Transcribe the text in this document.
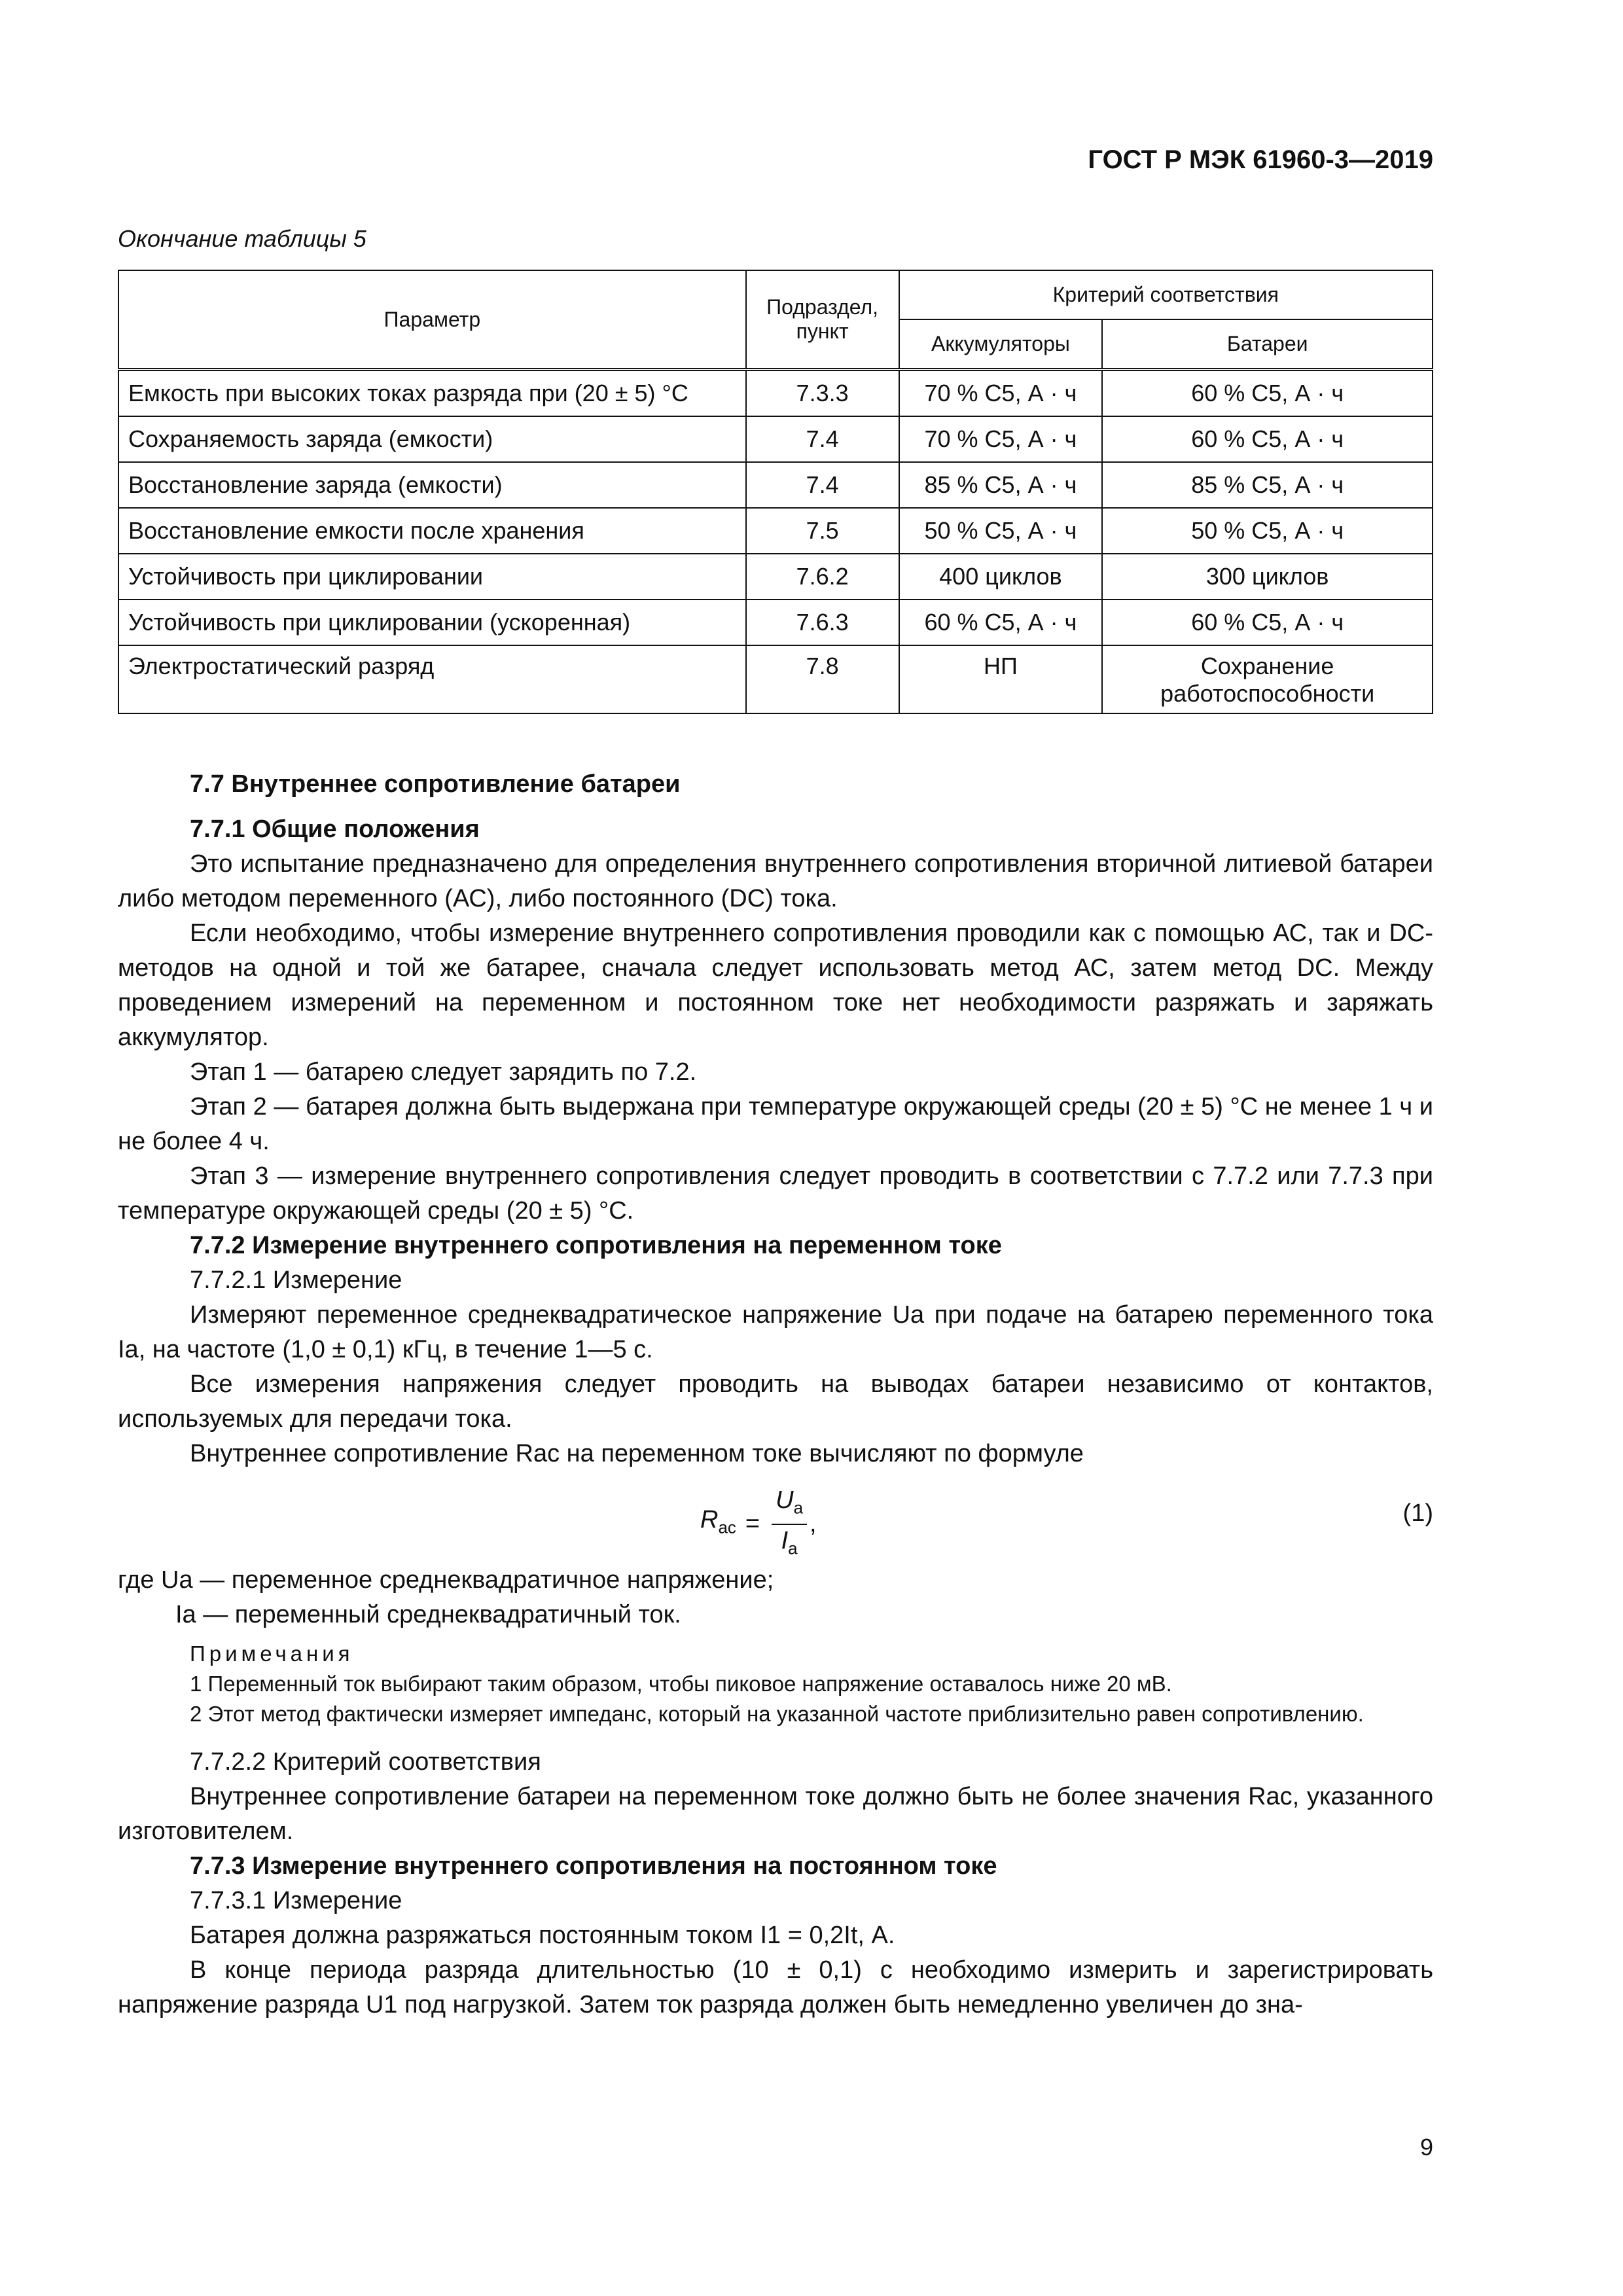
ГОСТ Р МЭК 61960-3—2019
Окончание таблицы 5
Параметр	Подраздел, пункт	Критерий соответствия	
		Аккумуляторы	Батареи
Емкость при высоких токах разряда при (20 ± 5) °С	7.3.3	70 % C5, А · ч	60 % C5, А · ч
Сохраняемость заряда (емкости)	7.4	70 % C5, А · ч	60 % C5, А · ч
Восстановление заряда (емкости)	7.4	85 % C5, А · ч	85 % C5, А · ч
Восстановление емкости после хранения	7.5	50 % C5, А · ч	50 % C5, А · ч
Устойчивость при циклировании	7.6.2	400 циклов	300 циклов
Устойчивость при циклировании (ускоренная)	7.6.3	60 % C5, А · ч	60 % C5, А · ч
Электростатический разряд	7.8	НП	Сохранение работоспособности

7.7 Внутреннее сопротивление батареи

7.7.1 Общие положения

Это испытание предназначено для определения внутреннего сопротивления вторичной литиевой батареи либо методом переменного (АС), либо постоянного (DC) тока.

Если необходимо, чтобы измерение внутреннего сопротивления проводили как с помощью АС, так и DC-методов на одной и той же батарее, сначала следует использовать метод АС, затем метод DC. Между проведением измерений на переменном и постоянном токе нет необходимости разряжать и заряжать аккумулятор.

Этап 1 — батарею следует зарядить по 7.2.

Этап 2 — батарея должна быть выдержана при температуре окружающей среды (20 ± 5) °С не менее 1 ч и не более 4 ч.

Этап 3 — измерение внутреннего сопротивления следует проводить в соответствии с 7.7.2 или 7.7.3 при температуре окружающей среды (20 ± 5) °С.

7.7.2 Измерение внутреннего сопротивления на переменном токе

7.7.2.1 Измерение

Измеряют переменное среднеквадратическое напряжение Ua при подаче на батарею переменного тока Ia, на частоте (1,0 ± 0,1) кГц, в течение 1—5 с.

Все измерения напряжения следует проводить на выводах батареи независимо от контактов, используемых для передачи тока.

Внутреннее сопротивление Rac на переменном токе вычисляют по формуле

$R_{ac} = \frac{U_a}{I_a}$ ,	(1)

где Ua — переменное среднеквадратичное напряжение;

Ia — переменный среднеквадратичный ток.

Примечания

1 Переменный ток выбирают таким образом, чтобы пиковое напряжение оставалось ниже 20 мВ.

2 Этот метод фактически измеряет импеданс, который на указанной частоте приблизительно равен сопротивлению.

7.7.2.2 Критерий соответствия

Внутреннее сопротивление батареи на переменном токе должно быть не более значения Rac, указанного изготовителем.

7.7.3 Измерение внутреннего сопротивления на постоянном токе

7.7.3.1 Измерение

Батарея должна разряжаться постоянным током I1 = 0,2It, А.

В конце периода разряда длительностью (10 ± 0,1) с необходимо измерить и зарегистрировать напряжение разряда U1 под нагрузкой. Затем ток разряда должен быть немедленно увеличен до зна-

9
